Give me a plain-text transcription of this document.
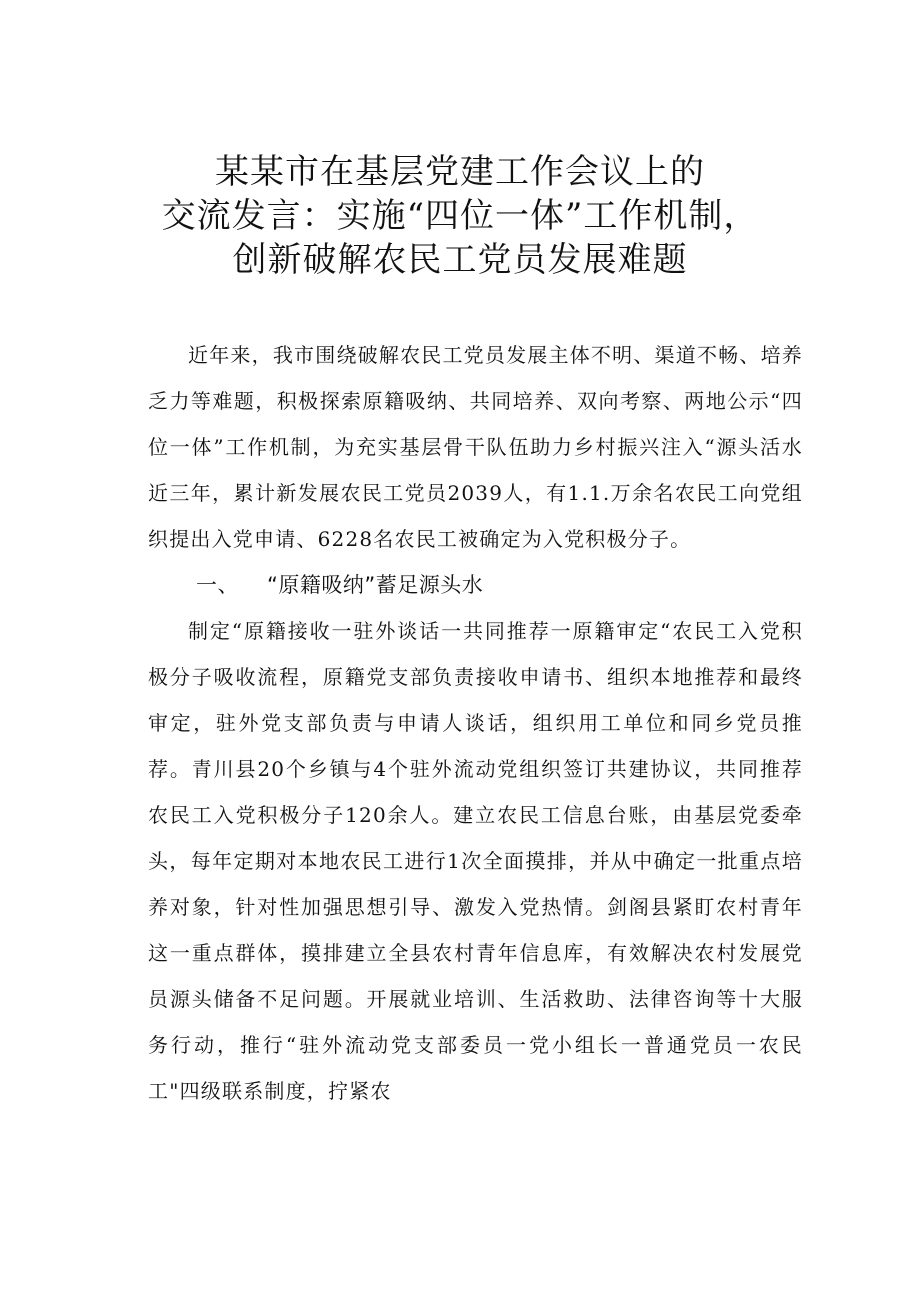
某某市在基层党建工作会议上的
交流发言：实施“四位一体”工作机制，
创新破解农民工党员发展难题

近年来，我市围绕破解农民工党员发展主体不明、渠道不畅、培养乏力等难题，积极探索原籍吸纳、共同培养、双向考察、两地公示“四位一体”工作机制，为充实基层骨干队伍助力乡村振兴注入“源头活水近三年，累计新发展农民工党员2039人，有1.1.万余名农民工向党组织提出入党申请、6228名农民工被确定为入党积极分子。

一、 “原籍吸纳”蓄足源头水

制定“原籍接收一驻外谈话一共同推荐一原籍审定“农民工入党积极分子吸收流程，原籍党支部负责接收申请书、组织本地推荐和最终审定，驻外党支部负责与申请人谈话，组织用工单位和同乡党员推荐。青川县20个乡镇与4个驻外流动党组织签订共建协议，共同推荐农民工入党积极分子120余人。建立农民工信息台账，由基层党委牵头，每年定期对本地农民工进行1次全面摸排，并从中确定一批重点培养对象，针对性加强思想引导、激发入党热情。剑阁县紧盯农村青年这一重点群体，摸排建立全县农村青年信息库，有效解决农村发展党员源头储备不足问题。开展就业培训、生活救助、法律咨询等十大服务行动，推行“驻外流动党支部委员一党小组长一普通党员一农民工"四级联系制度，拧紧农
